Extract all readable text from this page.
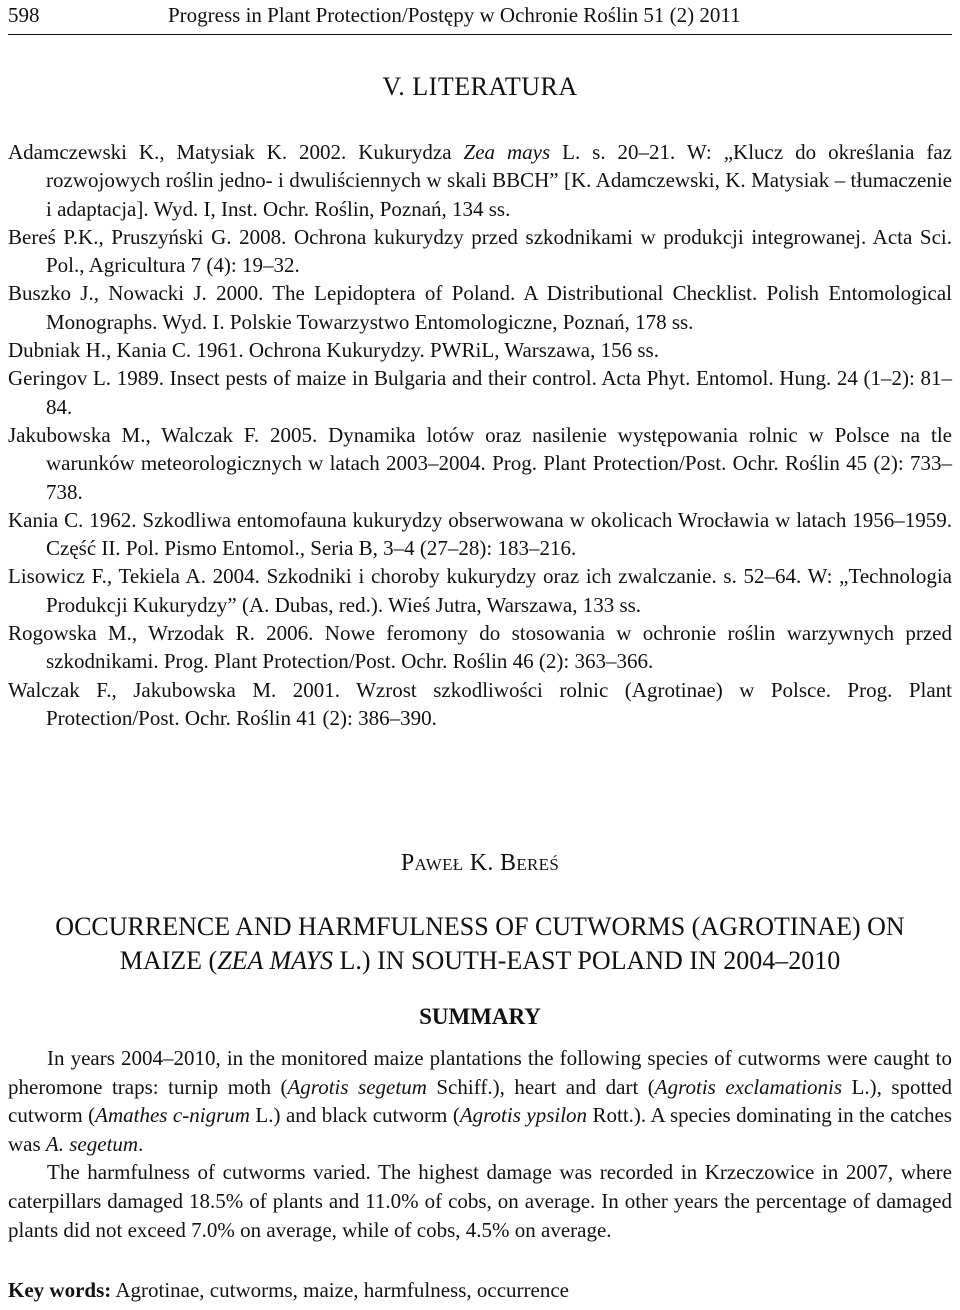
598	Progress in Plant Protection/Postępy w Ochronie Roślin 51 (2) 2011
V. LITERATURA

Adamczewski K., Matysiak K. 2002. Kukurydza Zea mays L. s. 20–21. W: „Klucz do określania faz rozwojowych roślin jedno- i dwuliściennych w skali BBCH” [K. Adamczewski, K. Matysiak – tłumaczenie i adaptacja]. Wyd. I, Inst. Ochr. Roślin, Poznań, 134 ss.

Bereś P.K., Pruszyński G. 2008. Ochrona kukurydzy przed szkodnikami w produkcji integrowanej. Acta Sci. Pol., Agricultura 7 (4): 19–32.

Buszko J., Nowacki J. 2000. The Lepidoptera of Poland. A Distributional Checklist. Polish Entomological Monographs. Wyd. I. Polskie Towarzystwo Entomologiczne, Poznań, 178 ss.

Dubniak H., Kania C. 1961. Ochrona Kukurydzy. PWRiL, Warszawa, 156 ss.

Geringov L. 1989. Insect pests of maize in Bulgaria and their control. Acta Phyt. Entomol. Hung. 24 (1–2): 81–84.

Jakubowska M., Walczak F. 2005. Dynamika lotów oraz nasilenie występowania rolnic w Polsce na tle warunków meteorologicznych w latach 2003–2004. Prog. Plant Protection/Post. Ochr. Roślin 45 (2): 733–738.

Kania C. 1962. Szkodliwa entomofauna kukurydzy obserwowana w okolicach Wrocławia w latach 1956–1959. Część II. Pol. Pismo Entomol., Seria B, 3–4 (27–28): 183–216.

Lisowicz F., Tekiela A. 2004. Szkodniki i choroby kukurydzy oraz ich zwalczanie. s. 52–64. W: „Technologia Produkcji Kukurydzy” (A. Dubas, red.). Wieś Jutra, Warszawa, 133 ss.

Rogowska M., Wrzodak R. 2006. Nowe feromony do stosowania w ochronie roślin warzywnych przed szkodnikami. Prog. Plant Protection/Post. Ochr. Roślin 46 (2): 363–366.

Walczak F., Jakubowska M. 2001. Wzrost szkodliwości rolnic (Agrotinae) w Polsce. Prog. Plant Protection/Post. Ochr. Roślin 41 (2): 386–390.

Paweł K. Bereś
OCCURRENCE AND HARMFULNESS OF CUTWORMS (AGROTINAE) ON MAIZE (ZEA MAYS L.) IN SOUTH-EAST POLAND IN 2004–2010
SUMMARY

In years 2004–2010, in the monitored maize plantations the following species of cutworms were caught to pheromone traps: turnip moth (Agrotis segetum Schiff.), heart and dart (Agrotis exclamationis L.), spotted cutworm (Amathes c-nigrum L.) and black cutworm (Agrotis ypsilon Rott.). A species dominating in the catches was A. segetum.

The harmfulness of cutworms varied. The highest damage was recorded in Krzeczowice in 2007, where caterpillars damaged 18.5% of plants and 11.0% of cobs, on average. In other years the percentage of damaged plants did not exceed 7.0% on average, while of cobs, 4.5% on average.

Key words: Agrotinae, cutworms, maize, harmfulness, occurrence
